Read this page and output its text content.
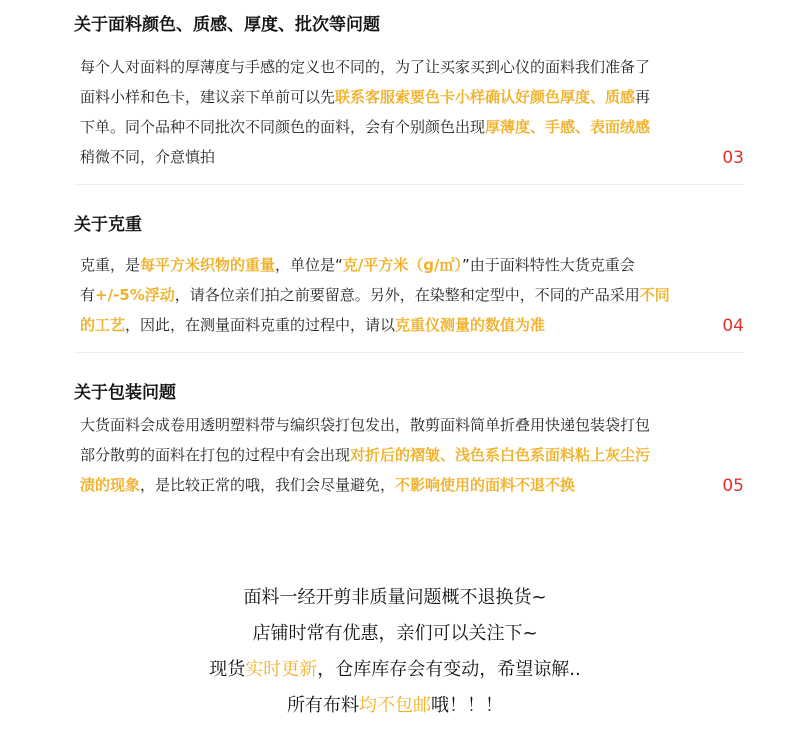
关于面料颜色、质感、厚度、批次等问题
每个人对面料的厚薄度与手感的定义也不同的，为了让买家买到心仪的面料我们准备了
面料小样和色卡，建议亲下单前可以先联系客服索要色卡小样确认好颜色厚度、质感再
下单。同个品种不同批次不同颜色的面料，会有个别颜色出现厚薄度、手感、表面绒感
稍微不同，介意慎拍	03
关于克重
克重，是每平方米织物的重量，单位是“克/平方米（g/㎡）”由于面料特性大货克重会
有+/-5%浮动，请各位亲们拍之前要留意。另外，在染整和定型中，不同的产品采用不同
的工艺，因此，在测量面料克重的过程中，请以克重仪测量的数值为准	04
关于包装问题
大货面料会成卷用透明塑料带与编织袋打包发出，散剪面料简单折叠用快递包装袋打包
部分散剪的面料在打包的过程中有会出现对折后的褶皱、浅色系白色系面料粘上灰尘污
渍的现象，是比较正常的哦，我们会尽量避免，不影响使用的面料不退不换	05
面料一经开剪非质量问题概不退换货~
店铺时常有优惠，亲们可以关注下~
现货实时更新，仓库库存会有变动，希望谅解..
所有布料均不包邮哦！！！
